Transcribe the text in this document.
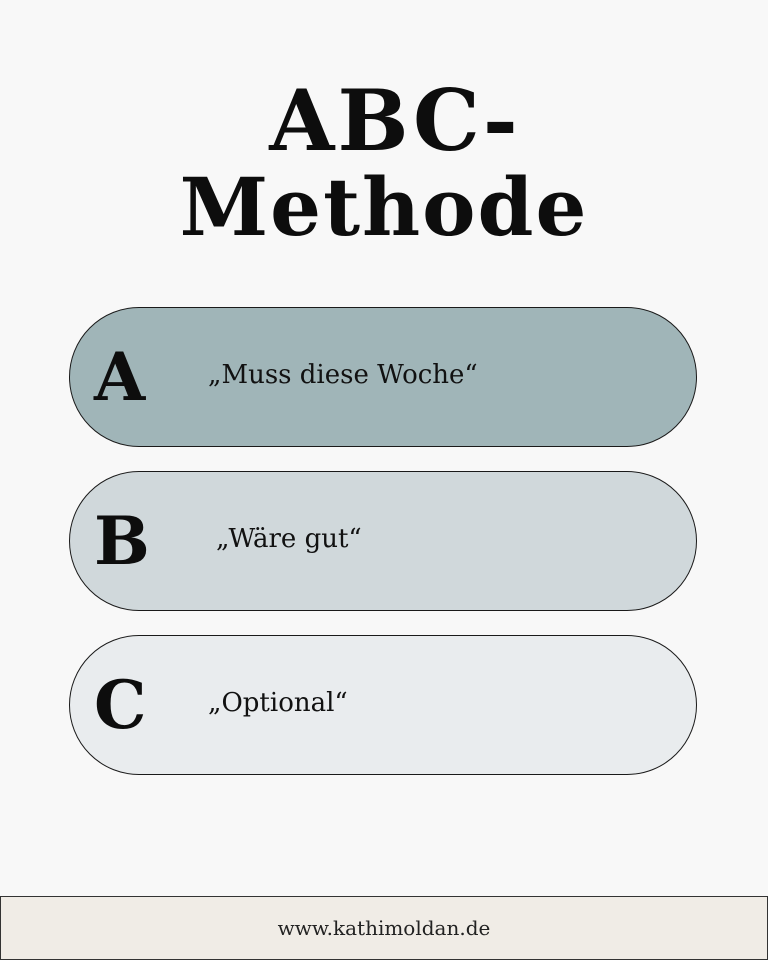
ABC-
Methode
A „Muss diese Woche“
B	„Wäre gut“
C „Optional“
www.kathimoldan.de
